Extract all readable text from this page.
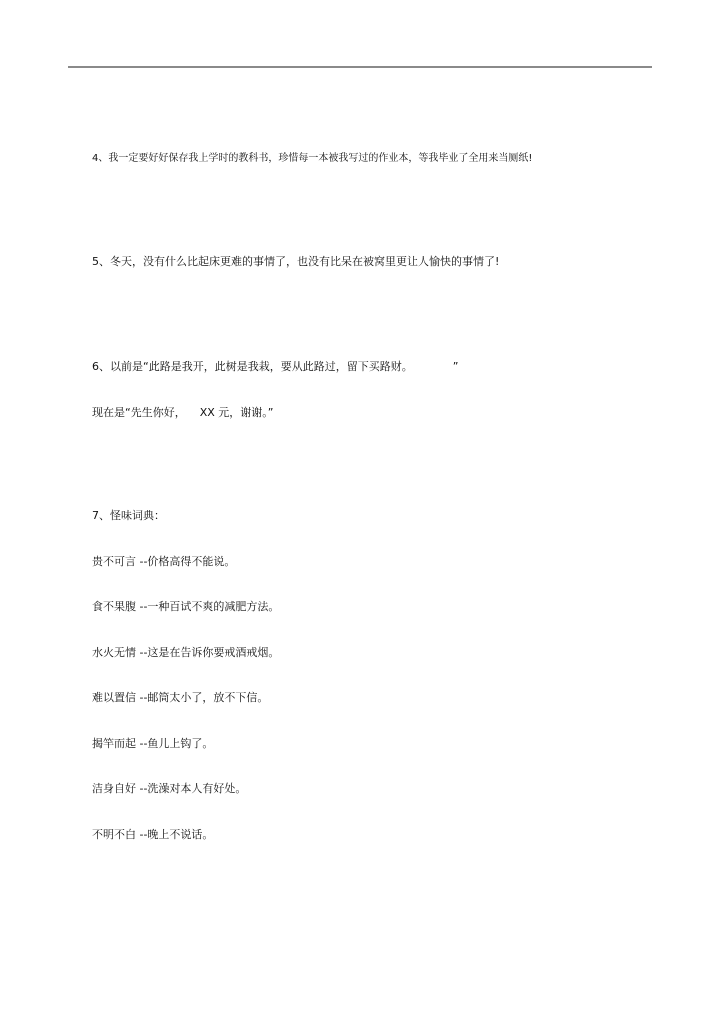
4、我一定要好好保存我上学时的教科书，珍惜每一本被我写过的作业本，等我毕业了全用来当厕纸!
5、冬天，没有什么比起床更难的事情了，也没有比呆在被窝里更让人愉快的事情了!
6、以前是“此路是我开，此树是我栽，要从此路过，留下买路财。	”
现在是“先生你好， XX 元，谢谢。”
7、怪味词典：
贵不可言 --价格高得不能说。
食不果腹 --一种百试不爽的减肥方法。
水火无情 --这是在告诉你要戒酒戒烟。
难以置信 --邮筒太小了，放不下信。
揭竿而起 --鱼儿上钩了。
洁身自好 --洗澡对本人有好处。
不明不白 --晚上不说话。
